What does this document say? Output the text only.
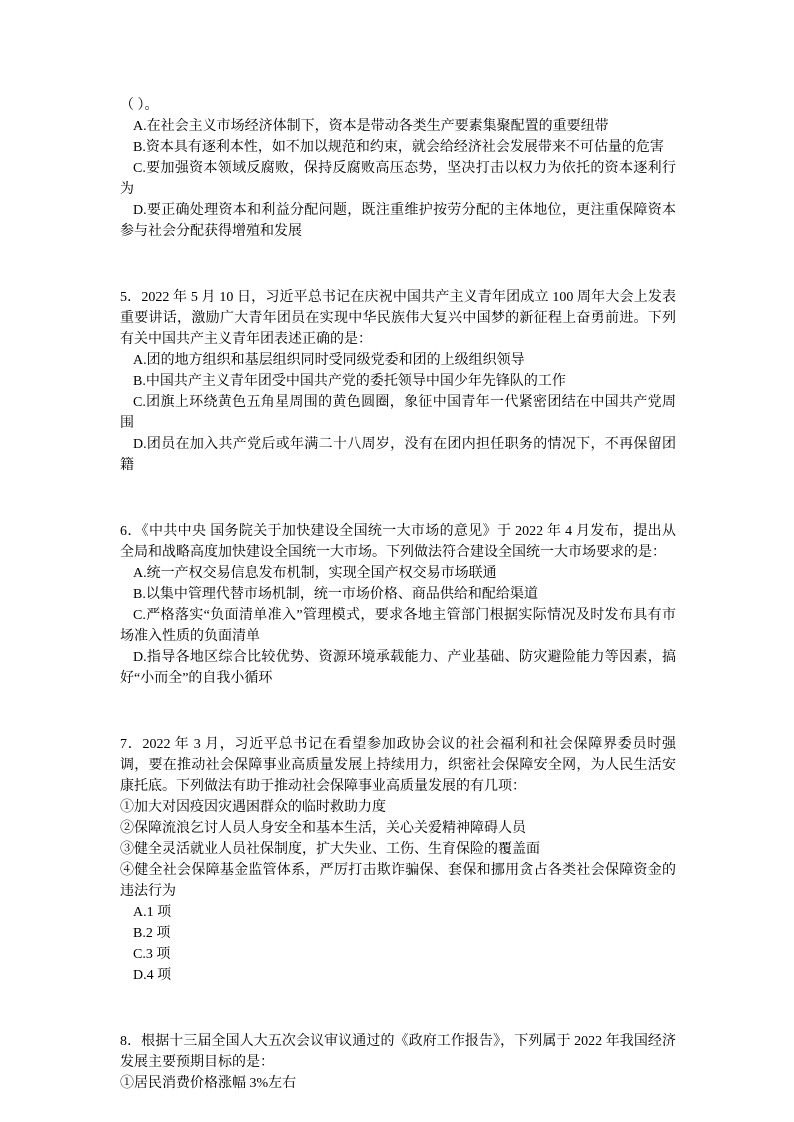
（ ）。

A.在社会主义市场经济体制下，资本是带动各类生产要素集聚配置的重要纽带

B.资本具有逐利本性，如不加以规范和约束，就会给经济社会发展带来不可估量的危害

C.要加强资本领域反腐败，保持反腐败高压态势，坚决打击以权力为依托的资本逐利行为

D.要正确处理资本和利益分配问题，既注重维护按劳分配的主体地位，更注重保障资本参与社会分配获得增殖和发展

5．2022 年 5 月 10 日，习近平总书记在庆祝中国共产主义青年团成立 100 周年大会上发表重要讲话，激励广大青年团员在实现中华民族伟大复兴中国梦的新征程上奋勇前进。下列有关中国共产主义青年团表述正确的是：

A.团的地方组织和基层组织同时受同级党委和团的上级组织领导

B.中国共产主义青年团受中国共产党的委托领导中国少年先锋队的工作

C.团旗上环绕黄色五角星周围的黄色圆圈，象征中国青年一代紧密团结在中国共产党周围

D.团员在加入共产党后或年满二十八周岁，没有在团内担任职务的情况下，不再保留团籍

6．《中共中央 国务院关于加快建设全国统一大市场的意见》于 2022 年 4 月发布，提出从全局和战略高度加快建设全国统一大市场。下列做法符合建设全国统一大市场要求的是：

A.统一产权交易信息发布机制，实现全国产权交易市场联通

B.以集中管理代替市场机制，统一市场价格、商品供给和配给渠道

C.严格落实“负面清单准入”管理模式，要求各地主管部门根据实际情况及时发布具有市场准入性质的负面清单

D.指导各地区综合比较优势、资源环境承载能力、产业基础、防灾避险能力等因素，搞好“小而全”的自我小循环

7．2022 年 3 月，习近平总书记在看望参加政协会议的社会福利和社会保障界委员时强调，要在推动社会保障事业高质量发展上持续用力，织密社会保障安全网，为人民生活安康托底。下列做法有助于推动社会保障事业高质量发展的有几项：

①加大对因疫因灾遇困群众的临时救助力度

②保障流浪乞讨人员人身安全和基本生活，关心关爱精神障碍人员

③健全灵活就业人员社保制度，扩大失业、工伤、生育保险的覆盖面

④健全社会保障基金监管体系，严厉打击欺诈骗保、套保和挪用贪占各类社会保障资金的违法行为

A.1 项

B.2 项

C.3 项

D.4 项

8．根据十三届全国人大五次会议审议通过的《政府工作报告》，下列属于 2022 年我国经济发展主要预期目标的是：

①居民消费价格涨幅 3%左右
